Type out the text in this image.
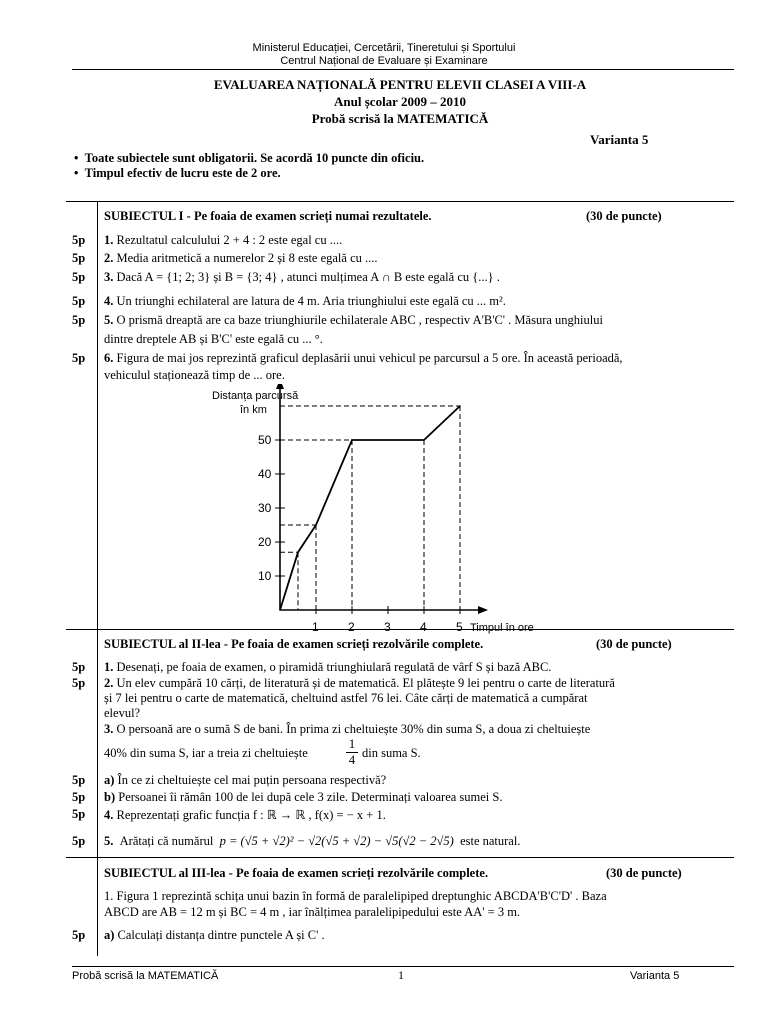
Ministerul Educației, Cercetării, Tineretului și Sportului
Centrul Național de Evaluare și Examinare
EVALUAREA NAȚIONALĂ PENTRU ELEVII CLASEI A VIII-A
Anul școlar 2009 – 2010
Probă scrisă la MATEMATICĂ
Varianta 5
•  Toate subiectele sunt obligatorii. Se acordă 10 puncte din oficiu.
•  Timpul efectiv de lucru este de 2 ore.
SUBIECTUL I - Pe foaia de examen scrieți numai rezultatele.	(30 de puncte)
5p 1. Rezultatul calculului 2 + 4 : 2 este egal cu ....
5p 2. Media aritmetică a numerelor 2 și 8 este egală cu ....
5p 3. Dacă A = {1; 2; 3} și B = {3; 4} , atunci mulțimea A ∩ B este egală cu {...} .
5p 4. Un triunghi echilateral are latura de 4 m. Aria triunghiului este egală cu ... m².
5p 5. O prismă dreaptă are ca baze triunghiurile echilaterale ABC , respectiv A'B'C' . Măsura unghiului
dintre dreptele AB și B'C' este egală cu ... °.
5p 6. Figura de mai jos reprezintă graficul deplasării unui vehicul pe parcursul a 5 ore. În această perioadă,
vehiculul staționează timp de ... ore.
Distanța parcursă
în km
Timpul în ore
1 2 3 4 5
10
20
30
40
50
SUBIECTUL al II-lea - Pe foaia de examen scrieți rezolvările complete.	(30 de puncte)
5p 1. Desenați, pe foaia de examen, o piramidă triunghiulară regulată de vârf S și bază ABC.
5p 2. Un elev cumpără 10 cărți, de literatură și de matematică. El plătește 9 lei pentru o carte de literatură
și 7 lei pentru o carte de matematică, cheltuind astfel 76 lei. Câte cărți de matematică a cumpărat
elevul?
3. O persoană are o sumă S de bani. În prima zi cheltuiește 30% din suma S, a doua zi cheltuiește
40% din suma S, iar a treia zi cheltuiește
1
4 din suma S.
5p a) În ce zi cheltuiește cel mai puțin persoana respectivă?
5p b) Persoanei îi rămân 100 de lei după cele 3 zile. Determinați valoarea sumei S.
5p 4. Reprezentați grafic funcția f : ℝ → ℝ , f(x) = − x + 1.
5p 5. Arătați că numărul p = (√5 + √2)² − √2(√5 + √2) − √5(√2 − 2√5) este natural.
SUBIECTUL al III-lea - Pe foaia de examen scrieți rezolvările complete.	(30 de puncte)
1. Figura 1 reprezintă schița unui bazin în formă de paralelipiped dreptunghic ABCDA'B'C'D' . Baza
ABCD are AB = 12 m și BC = 4 m , iar înălțimea paralelipipedului este AA' = 3 m.
5p a) Calculați distanța dintre punctele A și C' .
Probă scrisă la MATEMATICĂ	1	Varianta 5
